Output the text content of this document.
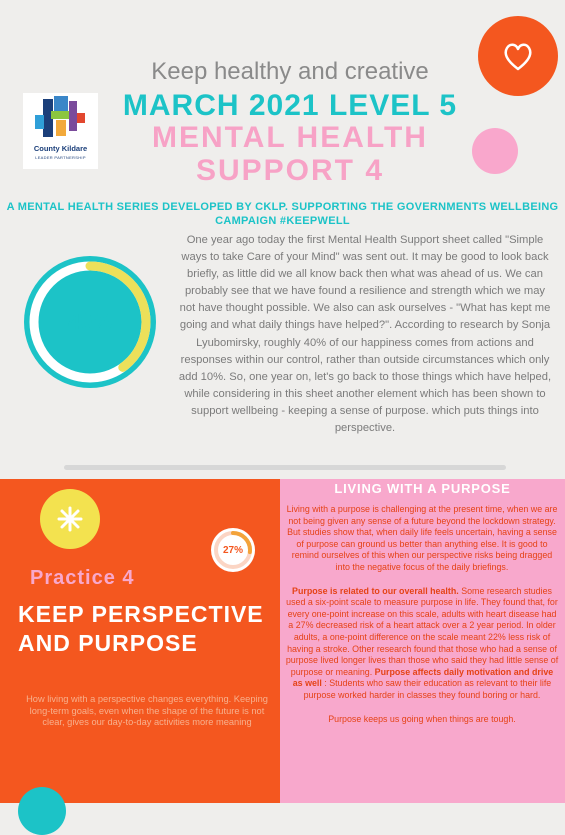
County Kildare
LEADER PARTNERSHIP
Keep healthy and creative
MARCH 2021 LEVEL 5
MENTAL HEALTH SUPPORT 4
A MENTAL HEALTH SERIES DEVELOPED BY CKLP. SUPPORTING THE GOVERNMENTS WELLBEING CAMPAIGN #KEEPWELL
40%
One year ago today the first Mental Health Support sheet called "Simple ways to take Care of your Mind" was sent out. It may be good to look back briefly, as little did we all know back then what was ahead of us. We can probably see that we have found a resilience and strength which we may not have thought possible. We also can ask ourselves - "What has kept me going and what daily things have helped?". According to research by Sonja Lyubomirsky, roughly 40% of our happiness comes from actions and responses within our control, rather than outside circumstances which only add 10%. So, one year on, let's go back to those things which have helped, while considering in this sheet another element which has been shown to support wellbeing - keeping a sense of purpose. which puts things into perspective.
27%
Practice 4
KEEP PERSPECTIVE AND PURPOSE
How living with a perspective changes everything. Keeping long-term goals, even when the shape of the future is not clear, gives our day-to-day activities more meaning
LIVING WITH A PURPOSE

Living with a purpose is challenging at the present time, when we are not being given any sense of a future beyond the lockdown strategy. But studies show that, when daily life feels uncertain, having a sense of purpose can ground us better than anything else. It is good to remind ourselves of this when our perspective risks being dragged into the negative focus of the daily briefings.

Purpose is related to our overall health. Some research studies used a six-point scale to measure purpose in life. They found that, for every one-point increase on this scale, adults with heart disease had a 27% decreased risk of a heart attack over a 2 year period. In older adults, a one-point difference on the scale meant 22% less risk of having a stroke. Other research found that those who had a sense of purpose lived longer lives than those who said they had little sense of purpose or meaning. Purpose affects daily motivation and drive as well : Students who saw their education as relevant to their life purpose worked harder in classes they found boring or hard.

Purpose keeps us going when things are tough.
